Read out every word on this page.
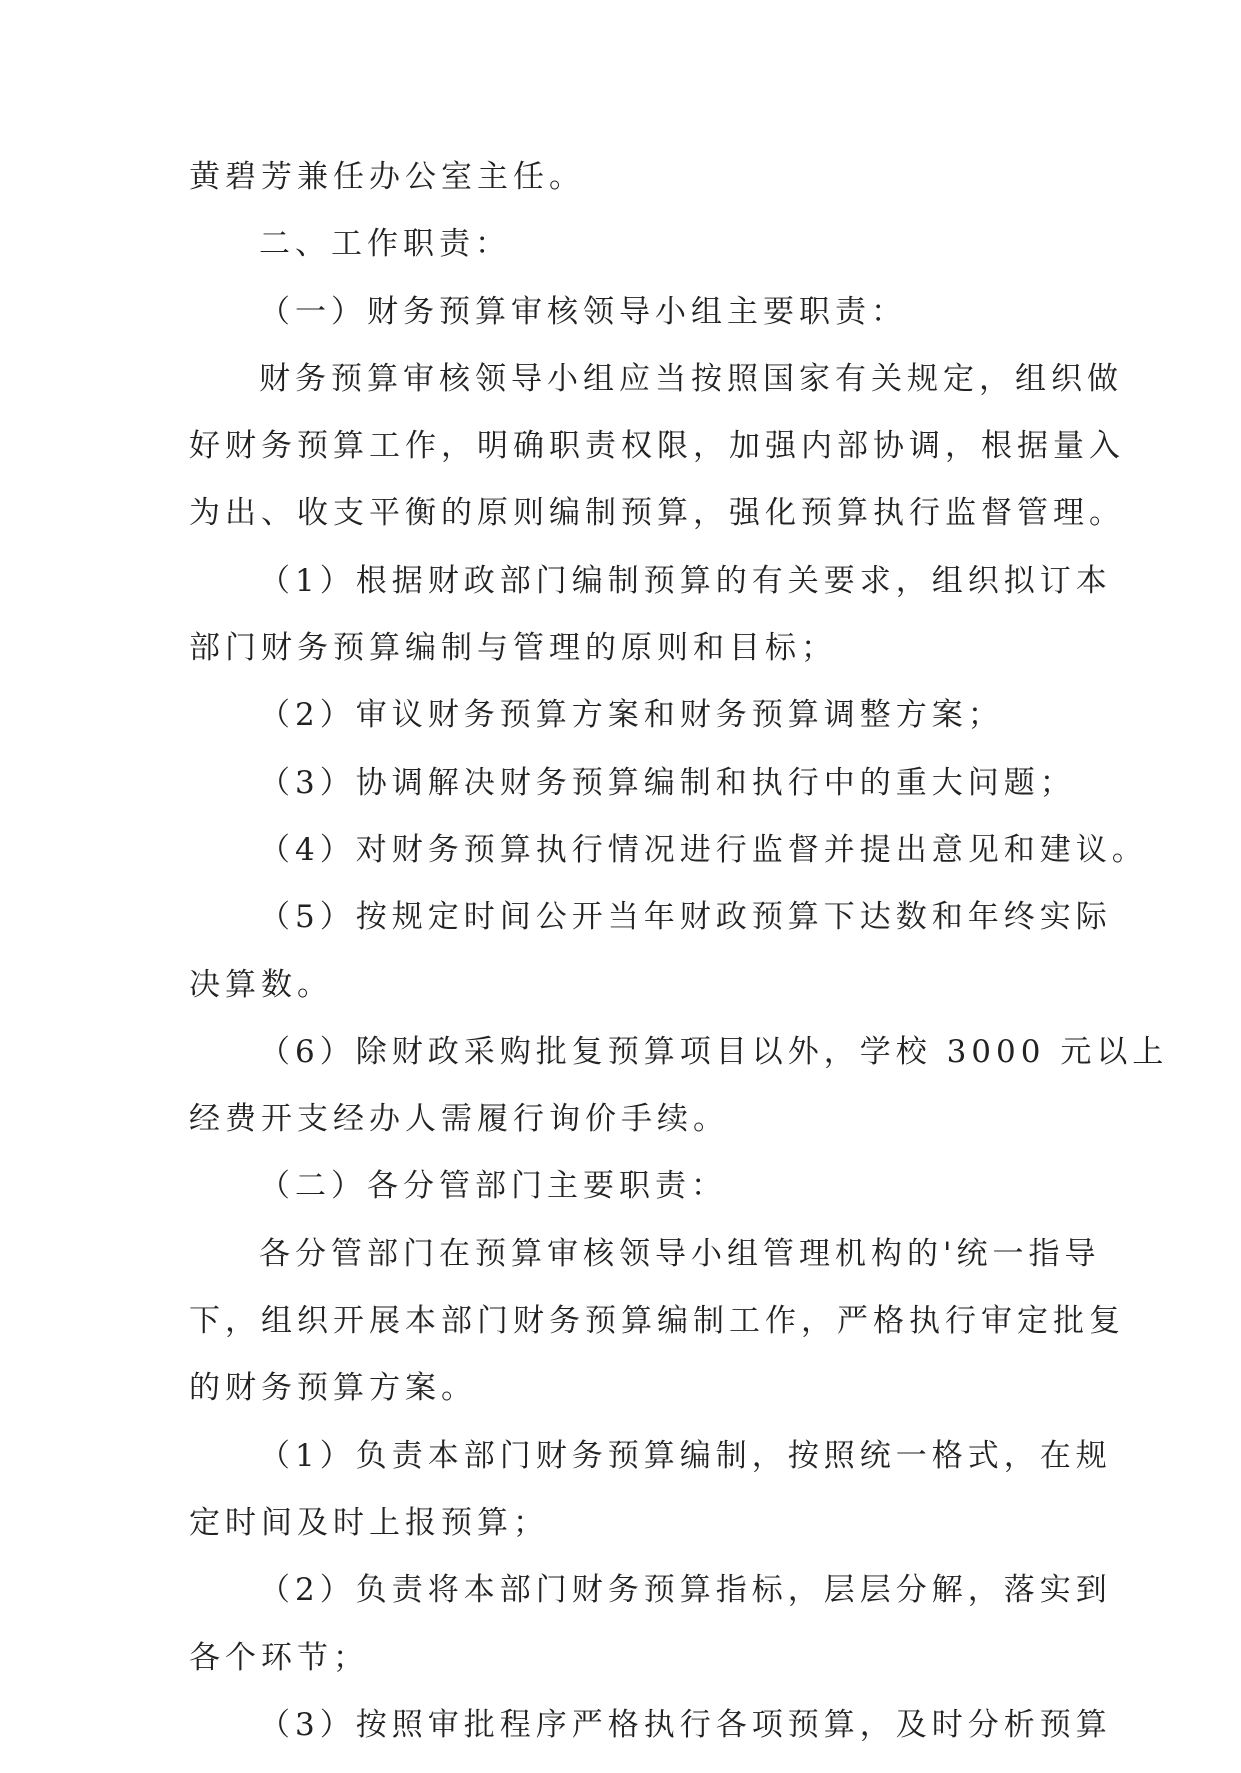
黄碧芳兼任办公室主任。
二、工作职责：
（一）财务预算审核领导小组主要职责：
财务预算审核领导小组应当按照国家有关规定，组织做
好财务预算工作，明确职责权限，加强内部协调，根据量入
为出、收支平衡的原则编制预算，强化预算执行监督管理。
（1）根据财政部门编制预算的有关要求，组织拟订本
部门财务预算编制与管理的原则和目标；
（2）审议财务预算方案和财务预算调整方案；
（3）协调解决财务预算编制和执行中的重大问题；
（4）对财务预算执行情况进行监督并提出意见和建议。
（5）按规定时间公开当年财政预算下达数和年终实际
决算数。
（6）除财政采购批复预算项目以外，学校 3000 元以上
经费开支经办人需履行询价手续。
（二）各分管部门主要职责：
各分管部门在预算审核领导小组管理机构的'统一指导
下，组织开展本部门财务预算编制工作，严格执行审定批复
的财务预算方案。
（1）负责本部门财务预算编制，按照统一格式，在规
定时间及时上报预算；
（2）负责将本部门财务预算指标，层层分解，落实到
各个环节；
（3）按照审批程序严格执行各项预算，及时分析预算
